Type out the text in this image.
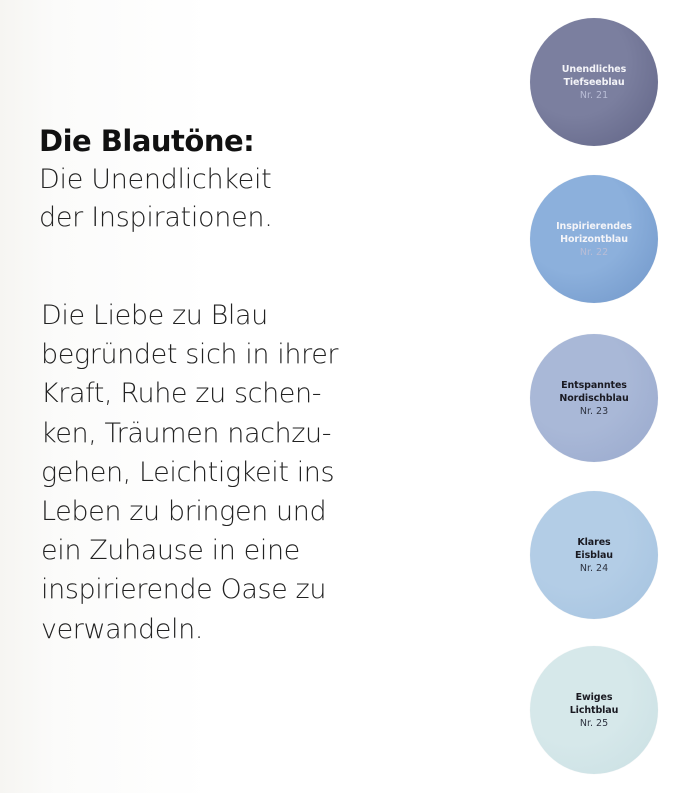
Die Blautöne:
Die Unendlichkeit
der Inspirationen.

Die Liebe zu Blau
begründet sich in ihrer
Kraft, Ruhe zu schen-
ken, Träumen nachzu-
gehen, Leichtigkeit ins
Leben zu bringen und
ein Zuhause in eine
inspirierende Oase zu
verwandeln.

Unendliches
Tiefseeblau
Nr. 21
Inspirierendes
Horizontblau
Nr. 22
Entspanntes
Nordischblau
Nr. 23
Klares
Eisblau
Nr. 24
Ewiges
Lichtblau
Nr. 25
